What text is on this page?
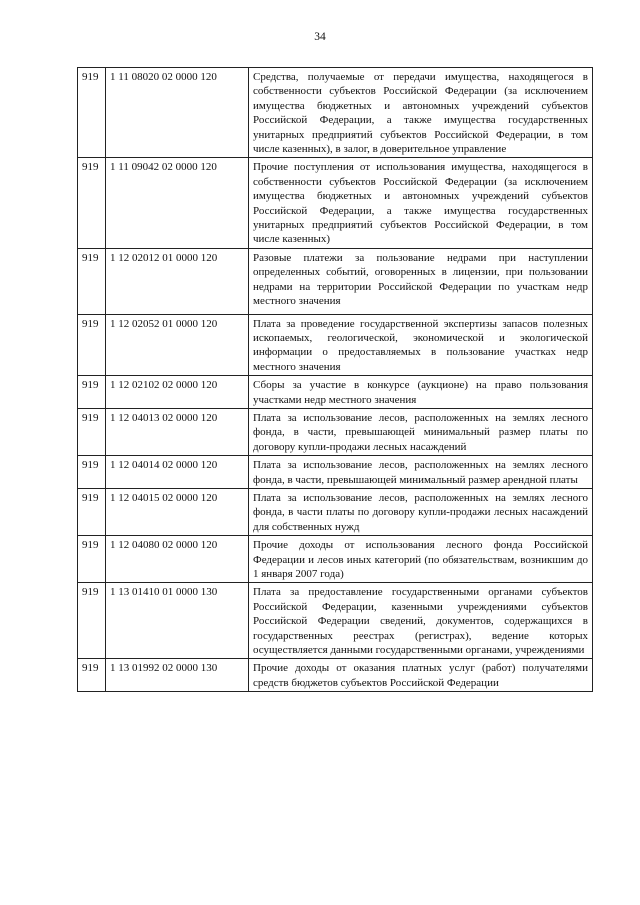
34
919	1 11 08020 02 0000 120	Средства, получаемые от передачи имущества, находящегося в собственности субъектов Российской Федерации (за исключением имущества бюджетных и автономных учреждений субъектов Российской Федерации, а также имущества государственных унитарных предприятий субъектов Российской Федерации, в том числе казенных), в залог, в доверительное управление
919	1 11 09042 02 0000 120	Прочие поступления от использования имущества, находящегося в собственности субъектов Российской Федерации (за исключением имущества бюджетных и автономных учреждений субъектов Российской Федерации, а также имущества государственных унитарных предприятий субъектов Российской Федерации, в том числе казенных)
919	1 12 02012 01 0000 120	Разовые платежи за пользование недрами при наступлении определенных событий, оговоренных в лицензии, при пользовании недрами на территории Российской Федерации по участкам недр местного значения
919	1 12 02052 01 0000 120	Плата за проведение государственной экспертизы запасов полезных ископаемых, геологической, экономической и экологической информации о предоставляемых в пользование участках недр местного значения
919	1 12 02102 02 0000 120	Сборы за участие в конкурсе (аукционе) на право пользования участками недр местного значения
919	1 12 04013 02 0000 120	Плата за использование лесов, расположенных на землях лесного фонда, в части, превышающей минимальный размер платы по договору купли-продажи лесных насаждений
919	1 12 04014 02 0000 120	Плата за использование лесов, расположенных на землях лесного фонда, в части, превышающей минимальный размер арендной платы
919	1 12 04015 02 0000 120	Плата за использование лесов, расположенных на землях лесного фонда, в части платы по договору купли-продажи лесных насаждений для собственных нужд
919	1 12 04080 02 0000 120	Прочие доходы от использования лесного фонда Российской Федерации и лесов иных категорий (по обязательствам, возникшим до 1 января 2007 года)
919	1 13 01410 01 0000 130	Плата за предоставление государственными органами субъектов Российской Федерации, казенными учреждениями субъектов Российской Федерации сведений, документов, содержащихся в государственных реестрах (регистрах), ведение которых осуществляется данными государственными органами, учреждениями
919	1 13 01992 02 0000 130	Прочие доходы от оказания платных услуг (работ) получателями средств бюджетов субъектов Российской Федерации
